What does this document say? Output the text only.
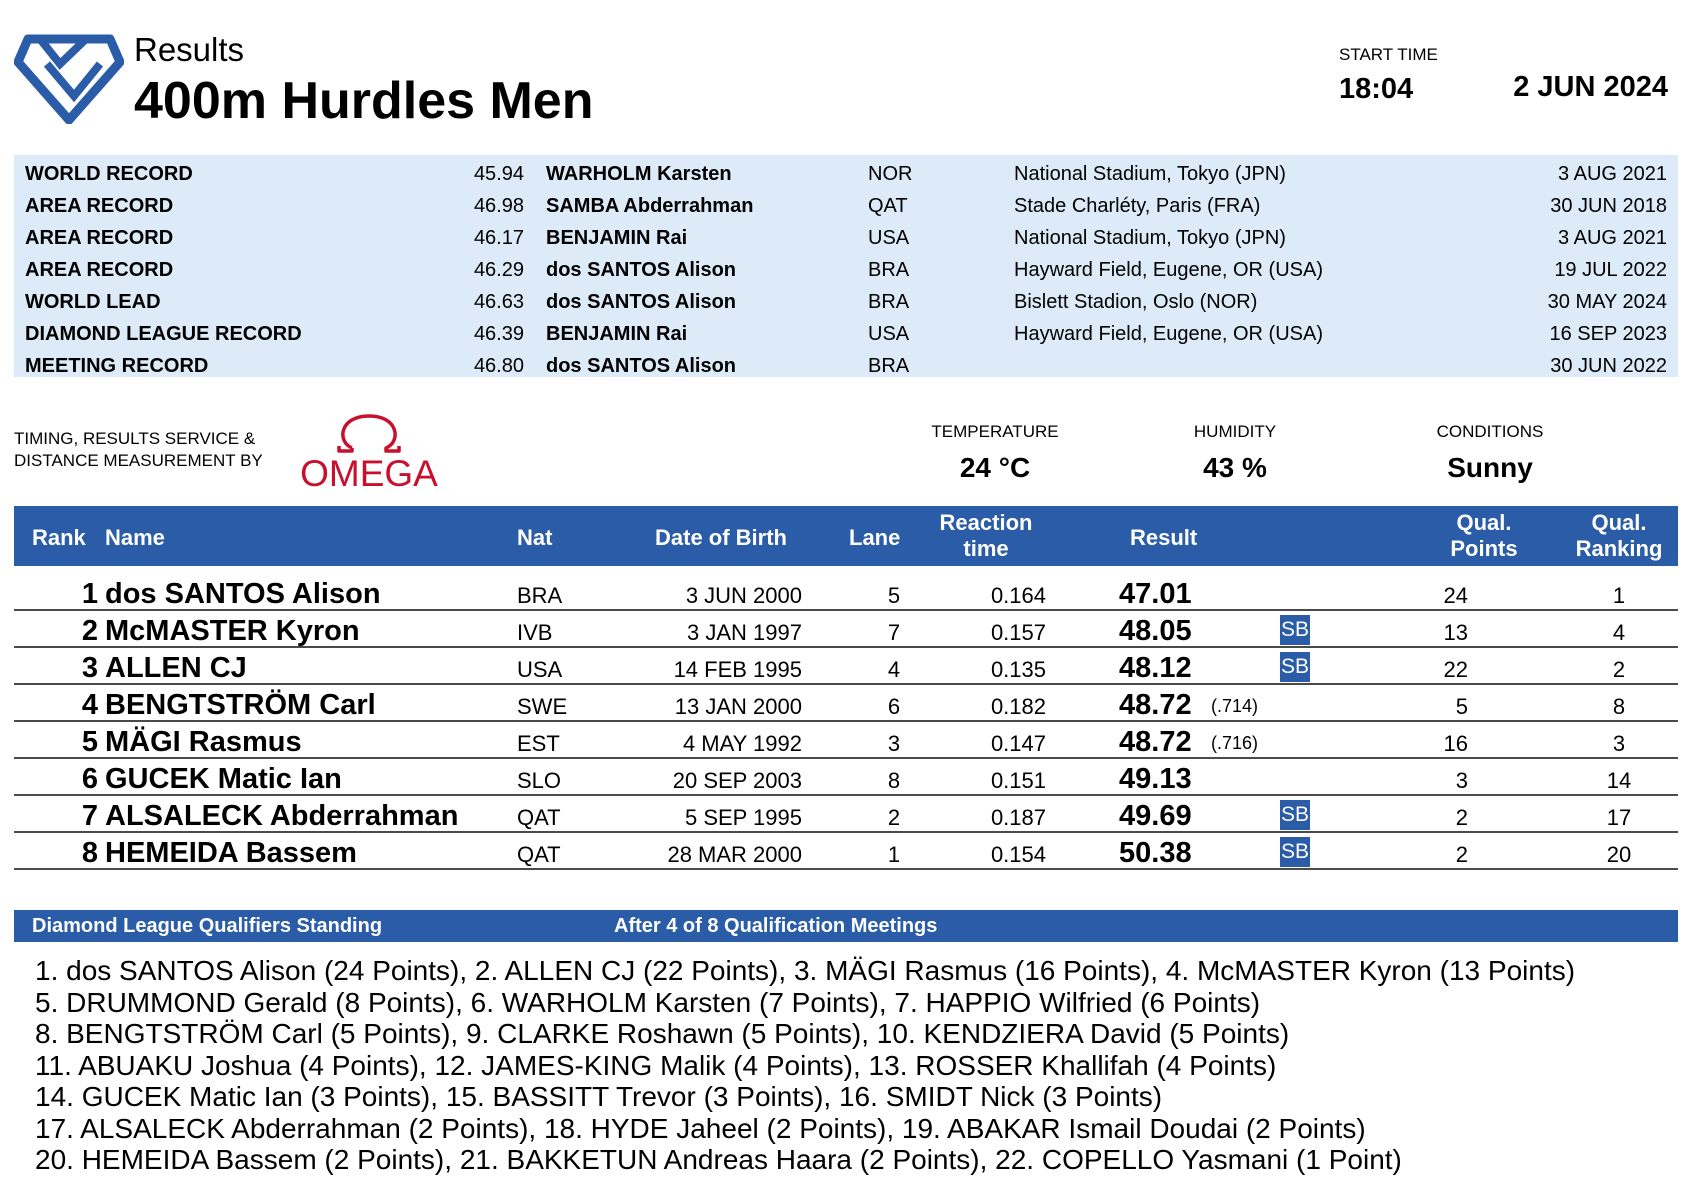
Results
400m Hurdles Men
START TIME
18:04	2 JUN 2024
WORLD RECORD	45.94 WARHOLM Karsten	NOR	National Stadium, Tokyo (JPN)	3 AUG 2021
AREA RECORD	46.98 SAMBA Abderrahman	QAT	Stade Charléty, Paris (FRA)	30 JUN 2018
AREA RECORD	46.17 BENJAMIN Rai	USA	National Stadium, Tokyo (JPN)	3 AUG 2021
AREA RECORD	46.29 dos SANTOS Alison	BRA	Hayward Field, Eugene, OR (USA)	19 JUL 2022
WORLD LEAD	46.63 dos SANTOS Alison	BRA	Bislett Stadion, Oslo (NOR)	30 MAY 2024
DIAMOND LEAGUE RECORD	46.39 BENJAMIN Rai	USA	Hayward Field, Eugene, OR (USA)	16 SEP 2023
MEETING RECORD	46.80 dos SANTOS Alison	BRA	30 JUN 2022
TIMING, RESULTS SERVICE &
DISTANCE MEASUREMENT BY	OMEGA
TEMPERATURE
24 °C
HUMIDITY
43 %
CONDITIONS
Sunny
Rank Name	Nat	Date of Birth	Lane
Reaction
time	Result
Qual.
Points
Qual.
Ranking
1 dos SANTOS Alison	BRA	3 JUN 2000	5	0.164	47.01	24	1
2 McMASTER Kyron	IVB	3 JAN 1997	7	0.157	48.05	SB	13	4
3 ALLEN CJ	USA	14 FEB 1995	4	0.135	48.12	SB	22	2
4 BENGTSTRÖM Carl	SWE	13 JAN 2000	6	0.182	48.72 (.714)	5	8
5 MÄGI Rasmus	EST	4 MAY 1992	3	0.147	48.72 (.716)	16	3
6 GUCEK Matic Ian	SLO	20 SEP 2003	8	0.151	49.13	3	14
7 ALSALECK Abderrahman	QAT	5 SEP 1995	2	0.187	49.69	SB	2	17
8 HEMEIDA Bassem	QAT	28 MAR 2000	1	0.154	50.38	SB	2	20
Diamond League Qualifiers Standing	After 4 of 8 Qualification Meetings
1. dos SANTOS Alison (24 Points), 2. ALLEN CJ (22 Points), 3. MÄGI Rasmus (16 Points), 4. McMASTER Kyron (13 Points)
5. DRUMMOND Gerald (8 Points), 6. WARHOLM Karsten (7 Points), 7. HAPPIO Wilfried (6 Points)
8. BENGTSTRÖM Carl (5 Points), 9. CLARKE Roshawn (5 Points), 10. KENDZIERA David (5 Points)
11. ABUAKU Joshua (4 Points), 12. JAMES-KING Malik (4 Points), 13. ROSSER Khallifah (4 Points)
14. GUCEK Matic Ian (3 Points), 15. BASSITT Trevor (3 Points), 16. SMIDT Nick (3 Points)
17. ALSALECK Abderrahman (2 Points), 18. HYDE Jaheel (2 Points), 19. ABAKAR Ismail Doudai (2 Points)
20. HEMEIDA Bassem (2 Points), 21. BAKKETUN Andreas Haara (2 Points), 22. COPELLO Yasmani (1 Point)
